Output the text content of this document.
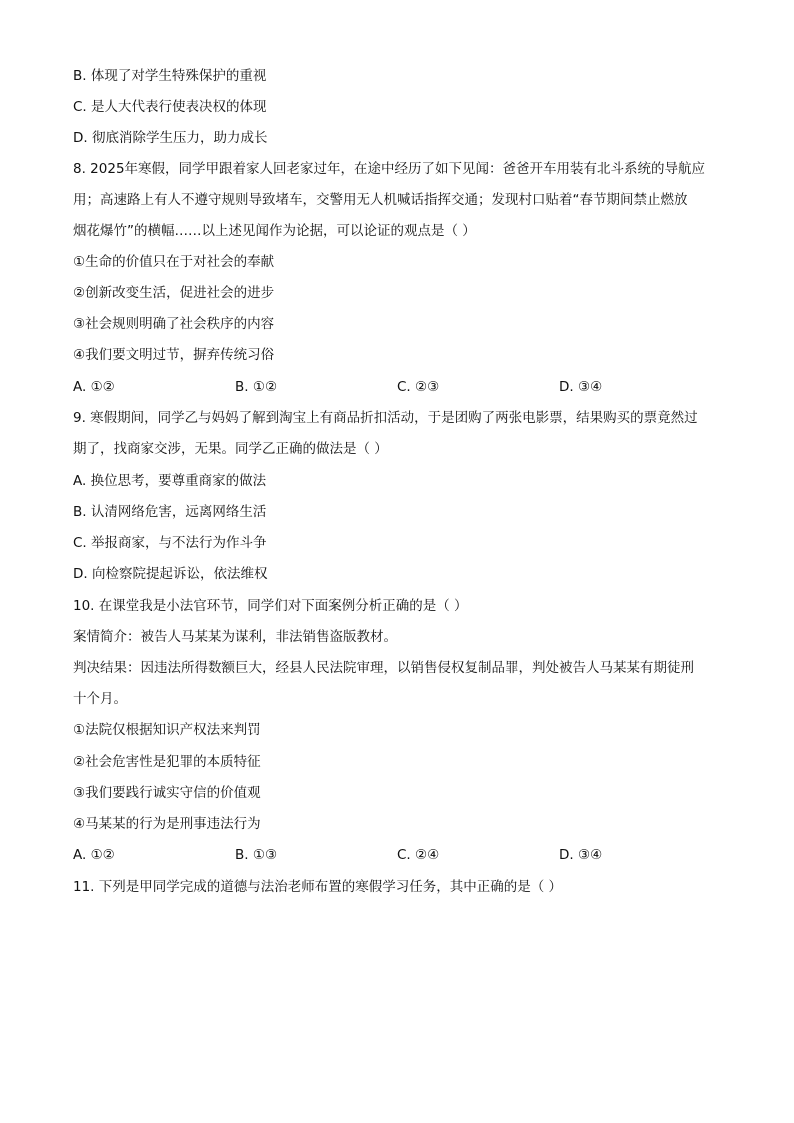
B. 体现了对学生特殊保护的重视
C. 是人大代表行使表决权的体现
D. 彻底消除学生压力，助力成长
8. 2025年寒假，同学甲跟着家人回老家过年，在途中经历了如下见闻：爸爸开车用装有北斗系统的导航应
用；高速路上有人不遵守规则导致堵车，交警用无人机喊话指挥交通；发现村口贴着“春节期间禁止燃放
烟花爆竹”的横幅……以上述见闻作为论据，可以论证的观点是（ ）
①生命的价值只在于对社会的奉献
②创新改变生活，促进社会的进步
③社会规则明确了社会秩序的内容
④我们要文明过节，摒弃传统习俗
A. ①②	B. ①②	C. ②③	D. ③④
9. 寒假期间，同学乙与妈妈了解到淘宝上有商品折扣活动，于是团购了两张电影票，结果购买的票竟然过
期了，找商家交涉，无果。同学乙正确的做法是（ ）
A. 换位思考，要尊重商家的做法
B. 认清网络危害，远离网络生活
C. 举报商家，与不法行为作斗争
D. 向检察院提起诉讼，依法维权
10. 在课堂我是小法官环节，同学们对下面案例分析正确的是（ ）
案情简介：被告人马某某为谋利，非法销售盗版教材。
判决结果：因违法所得数额巨大，经县人民法院审理，以销售侵权复制品罪，判处被告人马某某有期徒刑
十个月。
①法院仅根据知识产权法来判罚
②社会危害性是犯罪的本质特征
③我们要践行诚实守信的价值观
④马某某的行为是刑事违法行为
A. ①②	B. ①③	C. ②④	D. ③④
11. 下列是甲同学完成的道德与法治老师布置的寒假学习任务，其中正确的是（ ）
